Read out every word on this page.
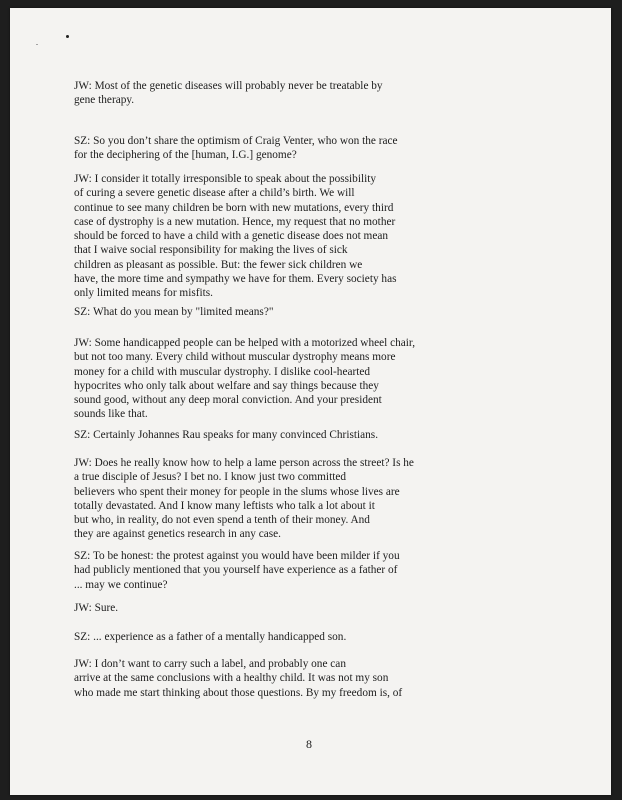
JW: Most of the genetic diseases will probably never be treatable by
gene therapy.
SZ: So you don’t share the optimism of Craig Venter, who won the race
for the deciphering of the [human, I.G.] genome?
JW: I consider it totally irresponsible to speak about the possibility
of curing a severe genetic disease after a child’s birth. We will
continue to see many children be born with new mutations, every third
case of dystrophy is a new mutation. Hence, my request that no mother
should be forced to have a child with a genetic disease does not mean
that I waive social responsibility for making the lives of sick
children as pleasant as possible. But: the fewer sick children we
have, the more time and sympathy we have for them. Every society has
only limited means for misfits.
SZ: What do you mean by "limited means?"
JW: Some handicapped people can be helped with a motorized wheel chair,
but not too many. Every child without muscular dystrophy means more
money for a child with muscular dystrophy. I dislike cool-hearted
hypocrites who only talk about welfare and say things because they
sound good, without any deep moral conviction. And your president
sounds like that.
SZ: Certainly Johannes Rau speaks for many convinced Christians.
JW: Does he really know how to help a lame person across the street? Is he
a true disciple of Jesus? I bet no. I know just two committed
believers who spent their money for people in the slums whose lives are
totally devastated. And I know many leftists who talk a lot about it
but who, in reality, do not even spend a tenth of their money. And
they are against genetics research in any case.
SZ: To be honest: the protest against you would have been milder if you
had publicly mentioned that you yourself have experience as a father of
... may we continue?
JW: Sure.
SZ: ... experience as a father of a mentally handicapped son.
JW: I don’t want to carry such a label, and probably one can
arrive at the same conclusions with a healthy child. It was not my son
who made me start thinking about those questions. By my freedom is, of
8
